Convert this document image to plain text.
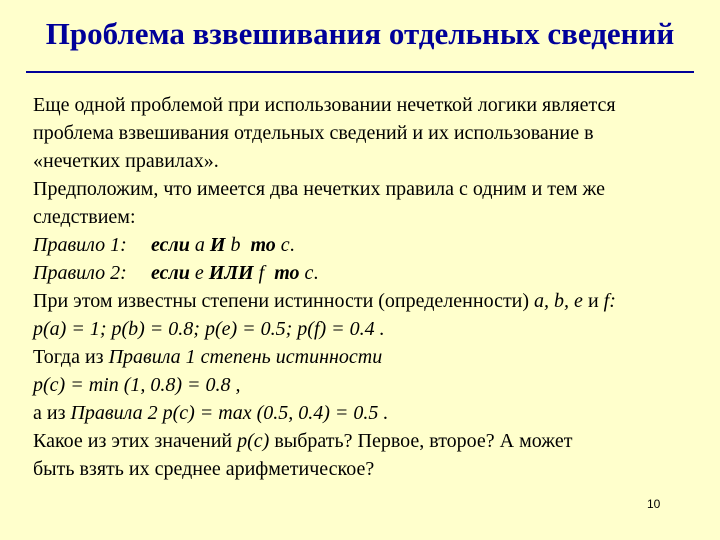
Проблема взвешивания отдельных сведений
Еще одной проблемой при использовании нечеткой логики является
проблема взвешивания отдельных сведений и их использование в
«нечетких правилах».
Предположим, что имеется два нечетких правила с одним и тем же
следствием:
Правило 1: если a И b то c.
Правило 2: если e ИЛИ f то c.
При этом известны степени истинности (определенности) a, b, e и f:
p(a) = 1; p(b) = 0.8; p(e) = 0.5; p(f) = 0.4 .
Тогда из Правила 1 степень истинности
p(c) = min (1, 0.8) = 0.8 ,
а из Правила 2 p(c) = max (0.5, 0.4) = 0.5 .
Какое из этих значений p(c) выбрать? Первое, второе? А может
быть взять их среднее арифметическое?
10
